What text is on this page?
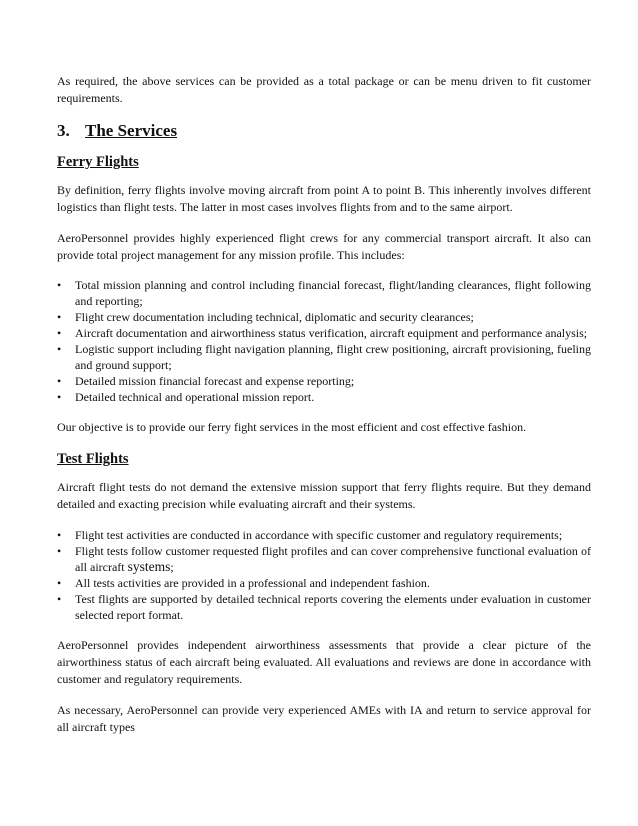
As required, the above services can be provided as a total package or can be menu driven to fit customer requirements.

3. The Services
Ferry Flights

By definition, ferry flights involve moving aircraft from point A to point B. This inherently involves different logistics than flight tests. The latter in most cases involves flights from and to the same airport.

AeroPersonnel provides highly experienced flight crews for any commercial transport aircraft. It also can provide total project management for any mission profile. This includes:

• Total mission planning and control including financial forecast, flight/landing clearances, flight following and reporting;
• Flight crew documentation including technical, diplomatic and security clearances;
• Aircraft documentation and airworthiness status verification, aircraft equipment and performance analysis;
• Logistic support including flight navigation planning, flight crew positioning, aircraft provisioning, fueling and ground support;
• Detailed mission financial forecast and expense reporting;
• Detailed technical and operational mission report.

Our objective is to provide our ferry fight services in the most efficient and cost effective fashion.

Test Flights

Aircraft flight tests do not demand the extensive mission support that ferry flights require. But they demand detailed and exacting precision while evaluating aircraft and their systems.

• Flight test activities are conducted in accordance with specific customer and regulatory requirements;
• Flight tests follow customer requested flight profiles and can cover comprehensive functional evaluation of all aircraft systems;
• All tests activities are provided in a professional and independent fashion.
• Test flights are supported by detailed technical reports covering the elements under evaluation in customer selected report format.

AeroPersonnel provides independent airworthiness assessments that provide a clear picture of the airworthiness status of each aircraft being evaluated. All evaluations and reviews are done in accordance with customer and regulatory requirements.

As necessary, AeroPersonnel can provide very experienced AMEs with IA and return to service approval for all aircraft types
